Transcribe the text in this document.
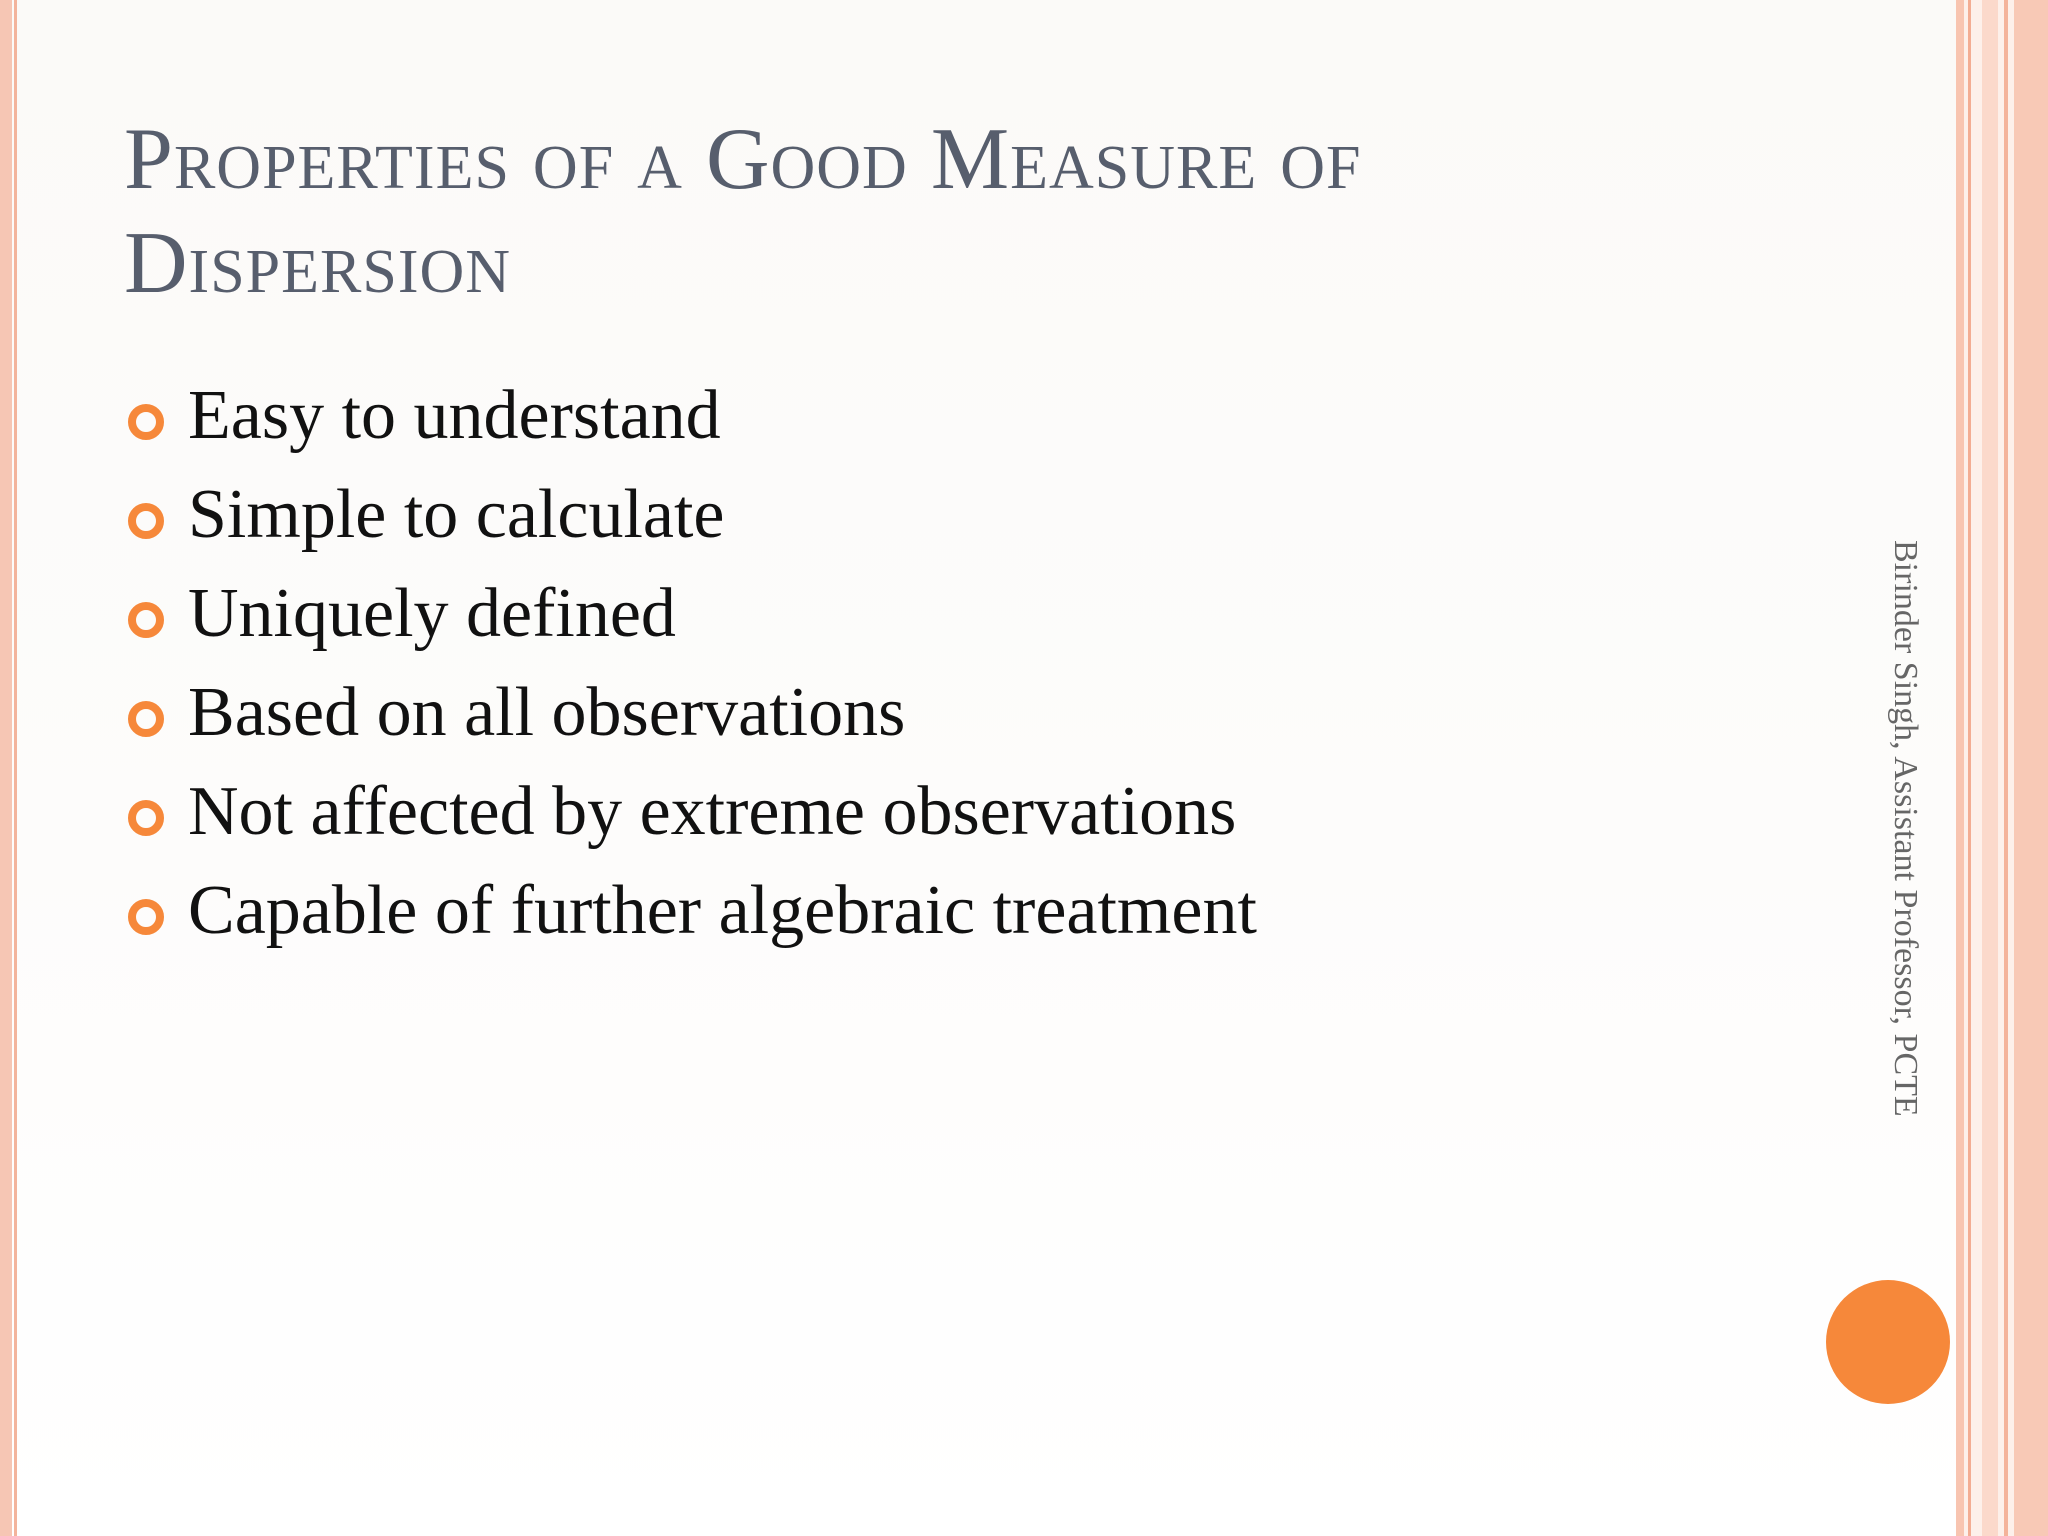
Properties of a Good Measure of Dispersion
Easy to understand
Simple to calculate
Uniquely defined
Based on all observations
Not affected by extreme observations
Capable of further algebraic treatment	Birinder Singh, Assistant Professor, PCTE
